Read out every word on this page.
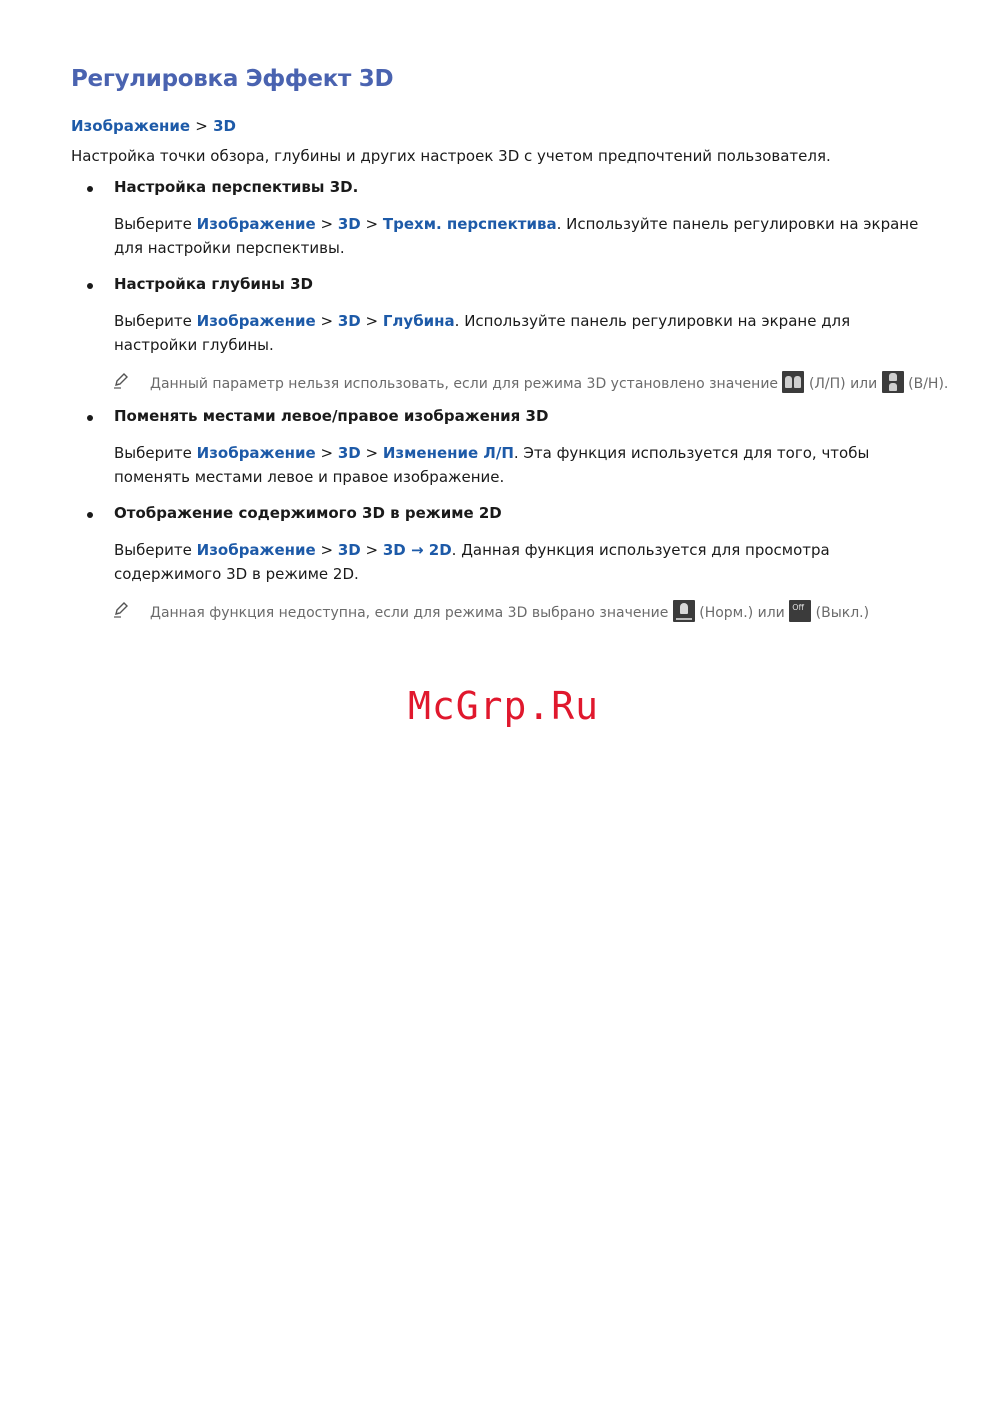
Регулировка Эффект 3D
Изображение > 3D
Настройка точки обзора, глубины и других настроек 3D с учетом предпочтений пользователя.
Настройка перспективы 3D.
Выберите Изображение > 3D > Трехм. перспектива. Используйте панель регулировки на экране для настройки перспективы.
Настройка глубины 3D
Выберите Изображение > 3D > Глубина. Используйте панель регулировки на экране для настройки глубины.
Данный параметр нельзя использовать, если для режима 3D установлено значение (Л/П) или (В/Н).
Поменять местами левое/правое изображения 3D
Выберите Изображение > 3D > Изменение Л/П. Эта функция используется для того, чтобы поменять местами левое и правое изображение.
Отображение содержимого 3D в режиме 2D
Выберите Изображение > 3D > 3D → 2D. Данная функция используется для просмотра содержимого 3D в режиме 2D.
Данная функция недоступна, если для режима 3D выбрано значение (Норм.) или Off (Выкл.)
McGrp.Ru
